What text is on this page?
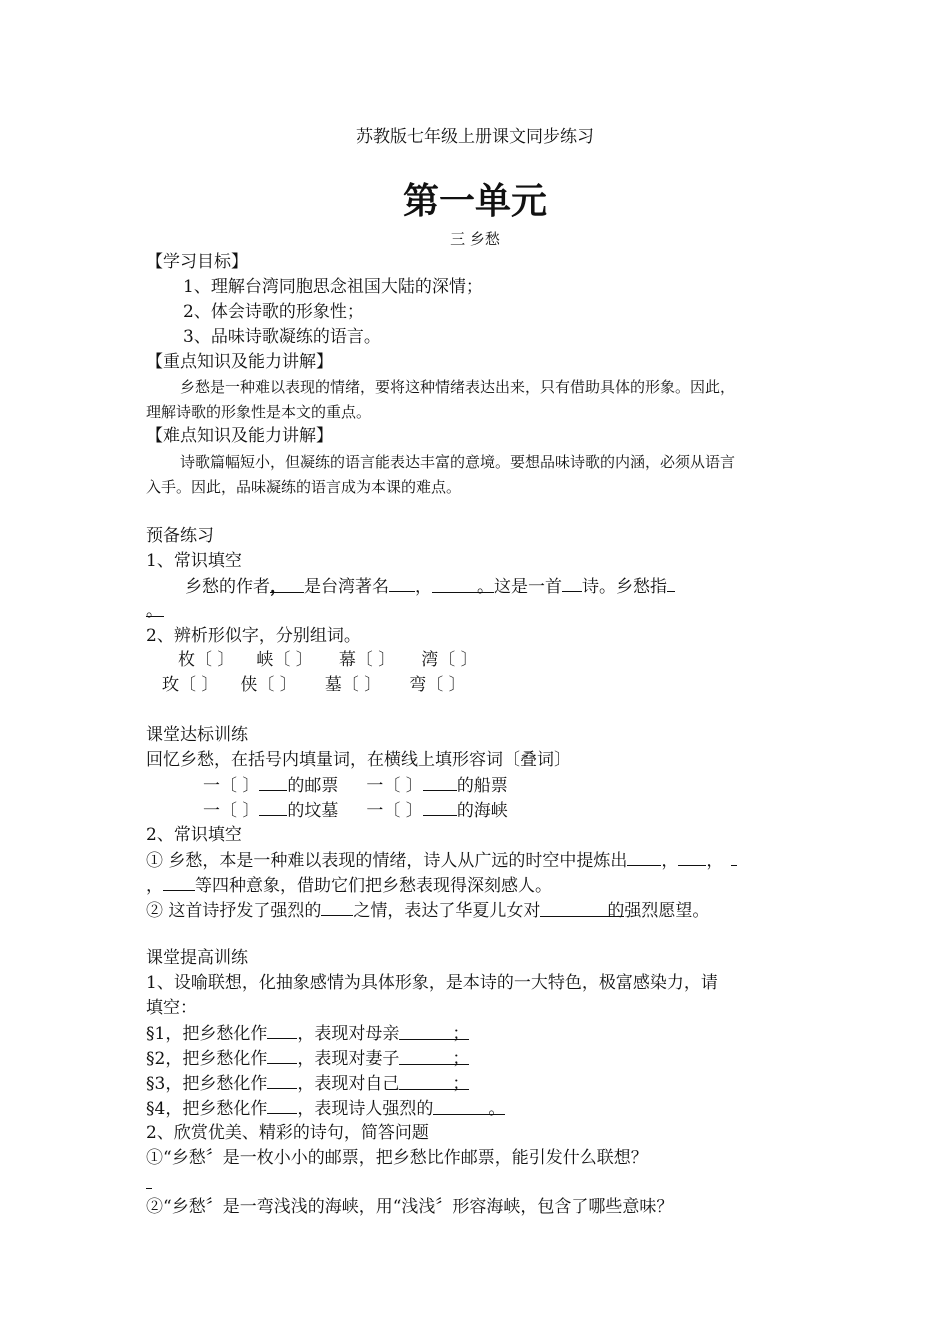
苏教版七年级上册课文同步练习
第一单元
三 乡愁
【学习目标】
1、理解台湾同胞思念祖国大陆的深情；
2、体会诗歌的形象性；
3、品味诗歌凝练的语言。
【重点知识及能力讲解】
乡愁是一种难以表现的情绪，要将这种情绪表达出来，只有借助具体的形象。因此，
理解诗歌的形象性是本文的重点。
【难点知识及能力讲解】
诗歌篇幅短小，但凝练的语言能表达丰富的意境。要想品味诗歌的内涵，必须从语言
入手。因此，品味凝练的语言成为本课的难点。
预备练习
1、常识填空
乡愁的作者， 是台湾著名 ，	。这是一首 诗。乡愁指
。
2、辨析形似字，分别组词。
枚〔 〕 峡〔 〕 幕〔 〕 湾〔 〕
玫〔 〕 侠〔 〕 墓〔 〕 弯〔 〕
课堂达标训练
回忆乡愁，在括号内填量词，在横线上填形容词〔叠词〕
一〔 〕 的邮票 一〔 〕 的船票
一〔 〕 的坟墓 一〔 〕 的海峡
2、常识填空
① 乡愁，本是一种难以表现的情绪，诗人从广远的时空中提炼出 ， ，
， 等四种意象，借助它们把乡愁表现得深刻感人。
② 这首诗抒发了强烈的 之情，表达了华夏儿女对	的强烈愿望。
课堂提高训练
1、设喻联想，化抽象感情为具体形象，是本诗的一大特色，极富感染力，请
填空：
§1，把乡愁化作 ，表现对母亲	；
§2，把乡愁化作 ，表现对妻子	；
§3，把乡愁化作 ，表现对自己	；
§4，把乡愁化作 ，表现诗人强烈的	。
2、欣赏优美、精彩的诗句，简答问题
①“乡愁〞是一枚小小的邮票，把乡愁比作邮票，能引发什么联想？
②“乡愁〞是一弯浅浅的海峡，用“浅浅〞形容海峡，包含了哪些意味？
